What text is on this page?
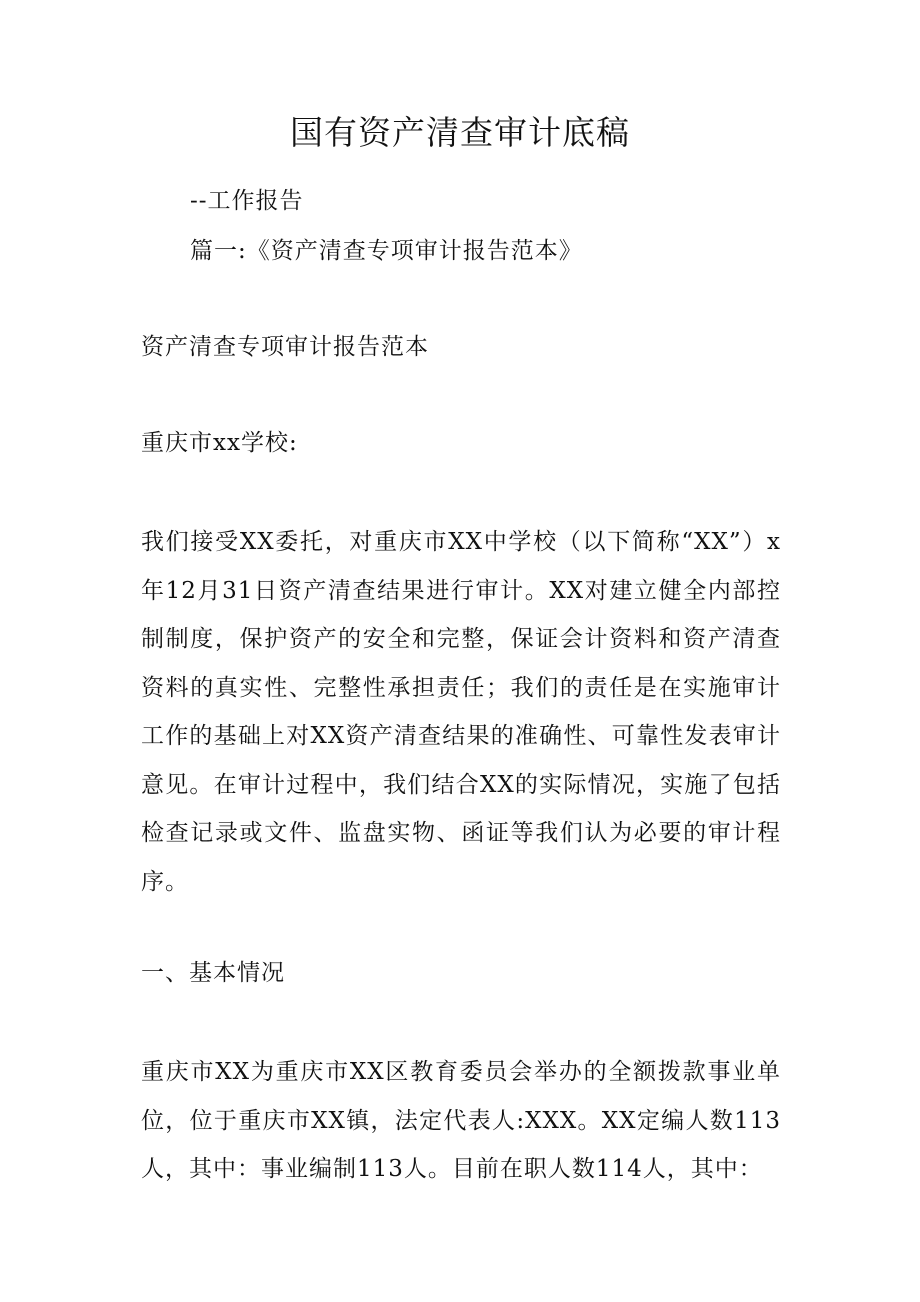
国有资产清查审计底稿
--工作报告
篇一:《资产清查专项审计报告范本》
资产清查专项审计报告范本
重庆市xx学校:
我们接受XX委托，对重庆市XX中学校（以下简称“XX”）x年12月31日资产清查结果进行审计。XX对建立健全内部控制制度，保护资产的安全和完整，保证会计资料和资产清查资料的真实性、完整性承担责任；我们的责任是在实施审计工作的基础上对XX资产清查结果的准确性、可靠性发表审计意见。在审计过程中，我们结合XX的实际情况，实施了包括检查记录或文件、监盘实物、函证等我们认为必要的审计程序。
一、基本情况
重庆市XX为重庆市XX区教育委员会举办的全额拨款事业单位，位于重庆市XX镇，法定代表人:XXX。XX定编人数113人，其中：事业编制113人。目前在职人数114人，其中：
